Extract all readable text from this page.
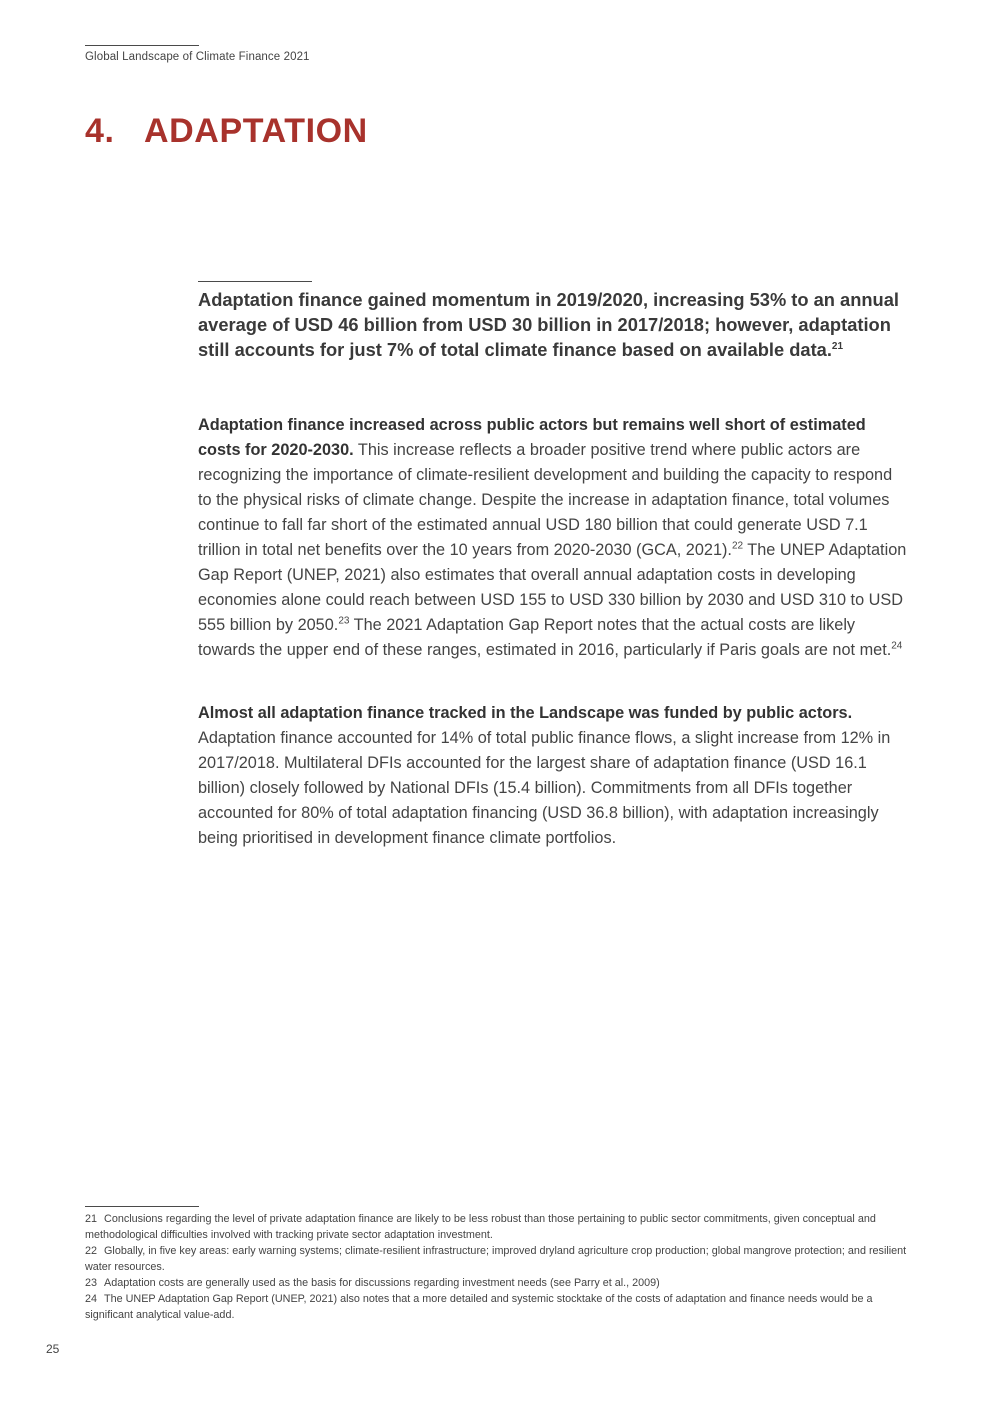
Global Landscape of Climate Finance 2021
4. ADAPTATION
Adaptation finance gained momentum in 2019/2020, increasing 53% to an annual average of USD 46 billion from USD 30 billion in 2017/2018; however, adaptation still accounts for just 7% of total climate finance based on available data.$^{21}$
Adaptation finance increased across public actors but remains well short of estimated costs for 2020-2030. This increase reflects a broader positive trend where public actors are recognizing the importance of climate-resilient development and building the capacity to respond to the physical risks of climate change. Despite the increase in adaptation finance, total volumes continue to fall far short of the estimated annual USD 180 billion that could generate USD 7.1 trillion in total net benefits over the 10 years from 2020-2030 (GCA, 2021).$^{22}$ The UNEP Adaptation Gap Report (UNEP, 2021) also estimates that overall annual adaptation costs in developing economies alone could reach between USD 155 to USD 330 billion by 2030 and USD 310 to USD 555 billion by 2050.23 The 2021 Adaptation Gap Report notes that the actual costs are likely towards the upper end of these ranges, estimated in 2016, particularly if Paris goals are not met.$^{24}$
Almost all adaptation finance tracked in the Landscape was funded by public actors. Adaptation finance accounted for 14% of total public finance flows, a slight increase from 12% in 2017/2018. Multilateral DFIs accounted for the largest share of adaptation finance (USD 16.1 billion) closely followed by National DFIs (15.4 billion). Commitments from all DFIs together accounted for 80% of total adaptation financing (USD 36.8 billion), with adaptation increasingly being prioritised in development finance climate portfolios.

21 Conclusions regarding the level of private adaptation finance are likely to be less robust than those pertaining to public sector commitments, given conceptual and methodological difficulties involved with tracking private sector adaptation investment.

22 Globally, in five key areas: early warning systems; climate-resilient infrastructure; improved dryland agriculture crop production; global mangrove protection; and resilient water resources.

23 Adaptation costs are generally used as the basis for discussions regarding investment needs (see Parry et al., 2009)

24 The UNEP Adaptation Gap Report (UNEP, 2021) also notes that a more detailed and systemic stocktake of the costs of adaptation and finance needs would be a significant analytical value-add.

25
